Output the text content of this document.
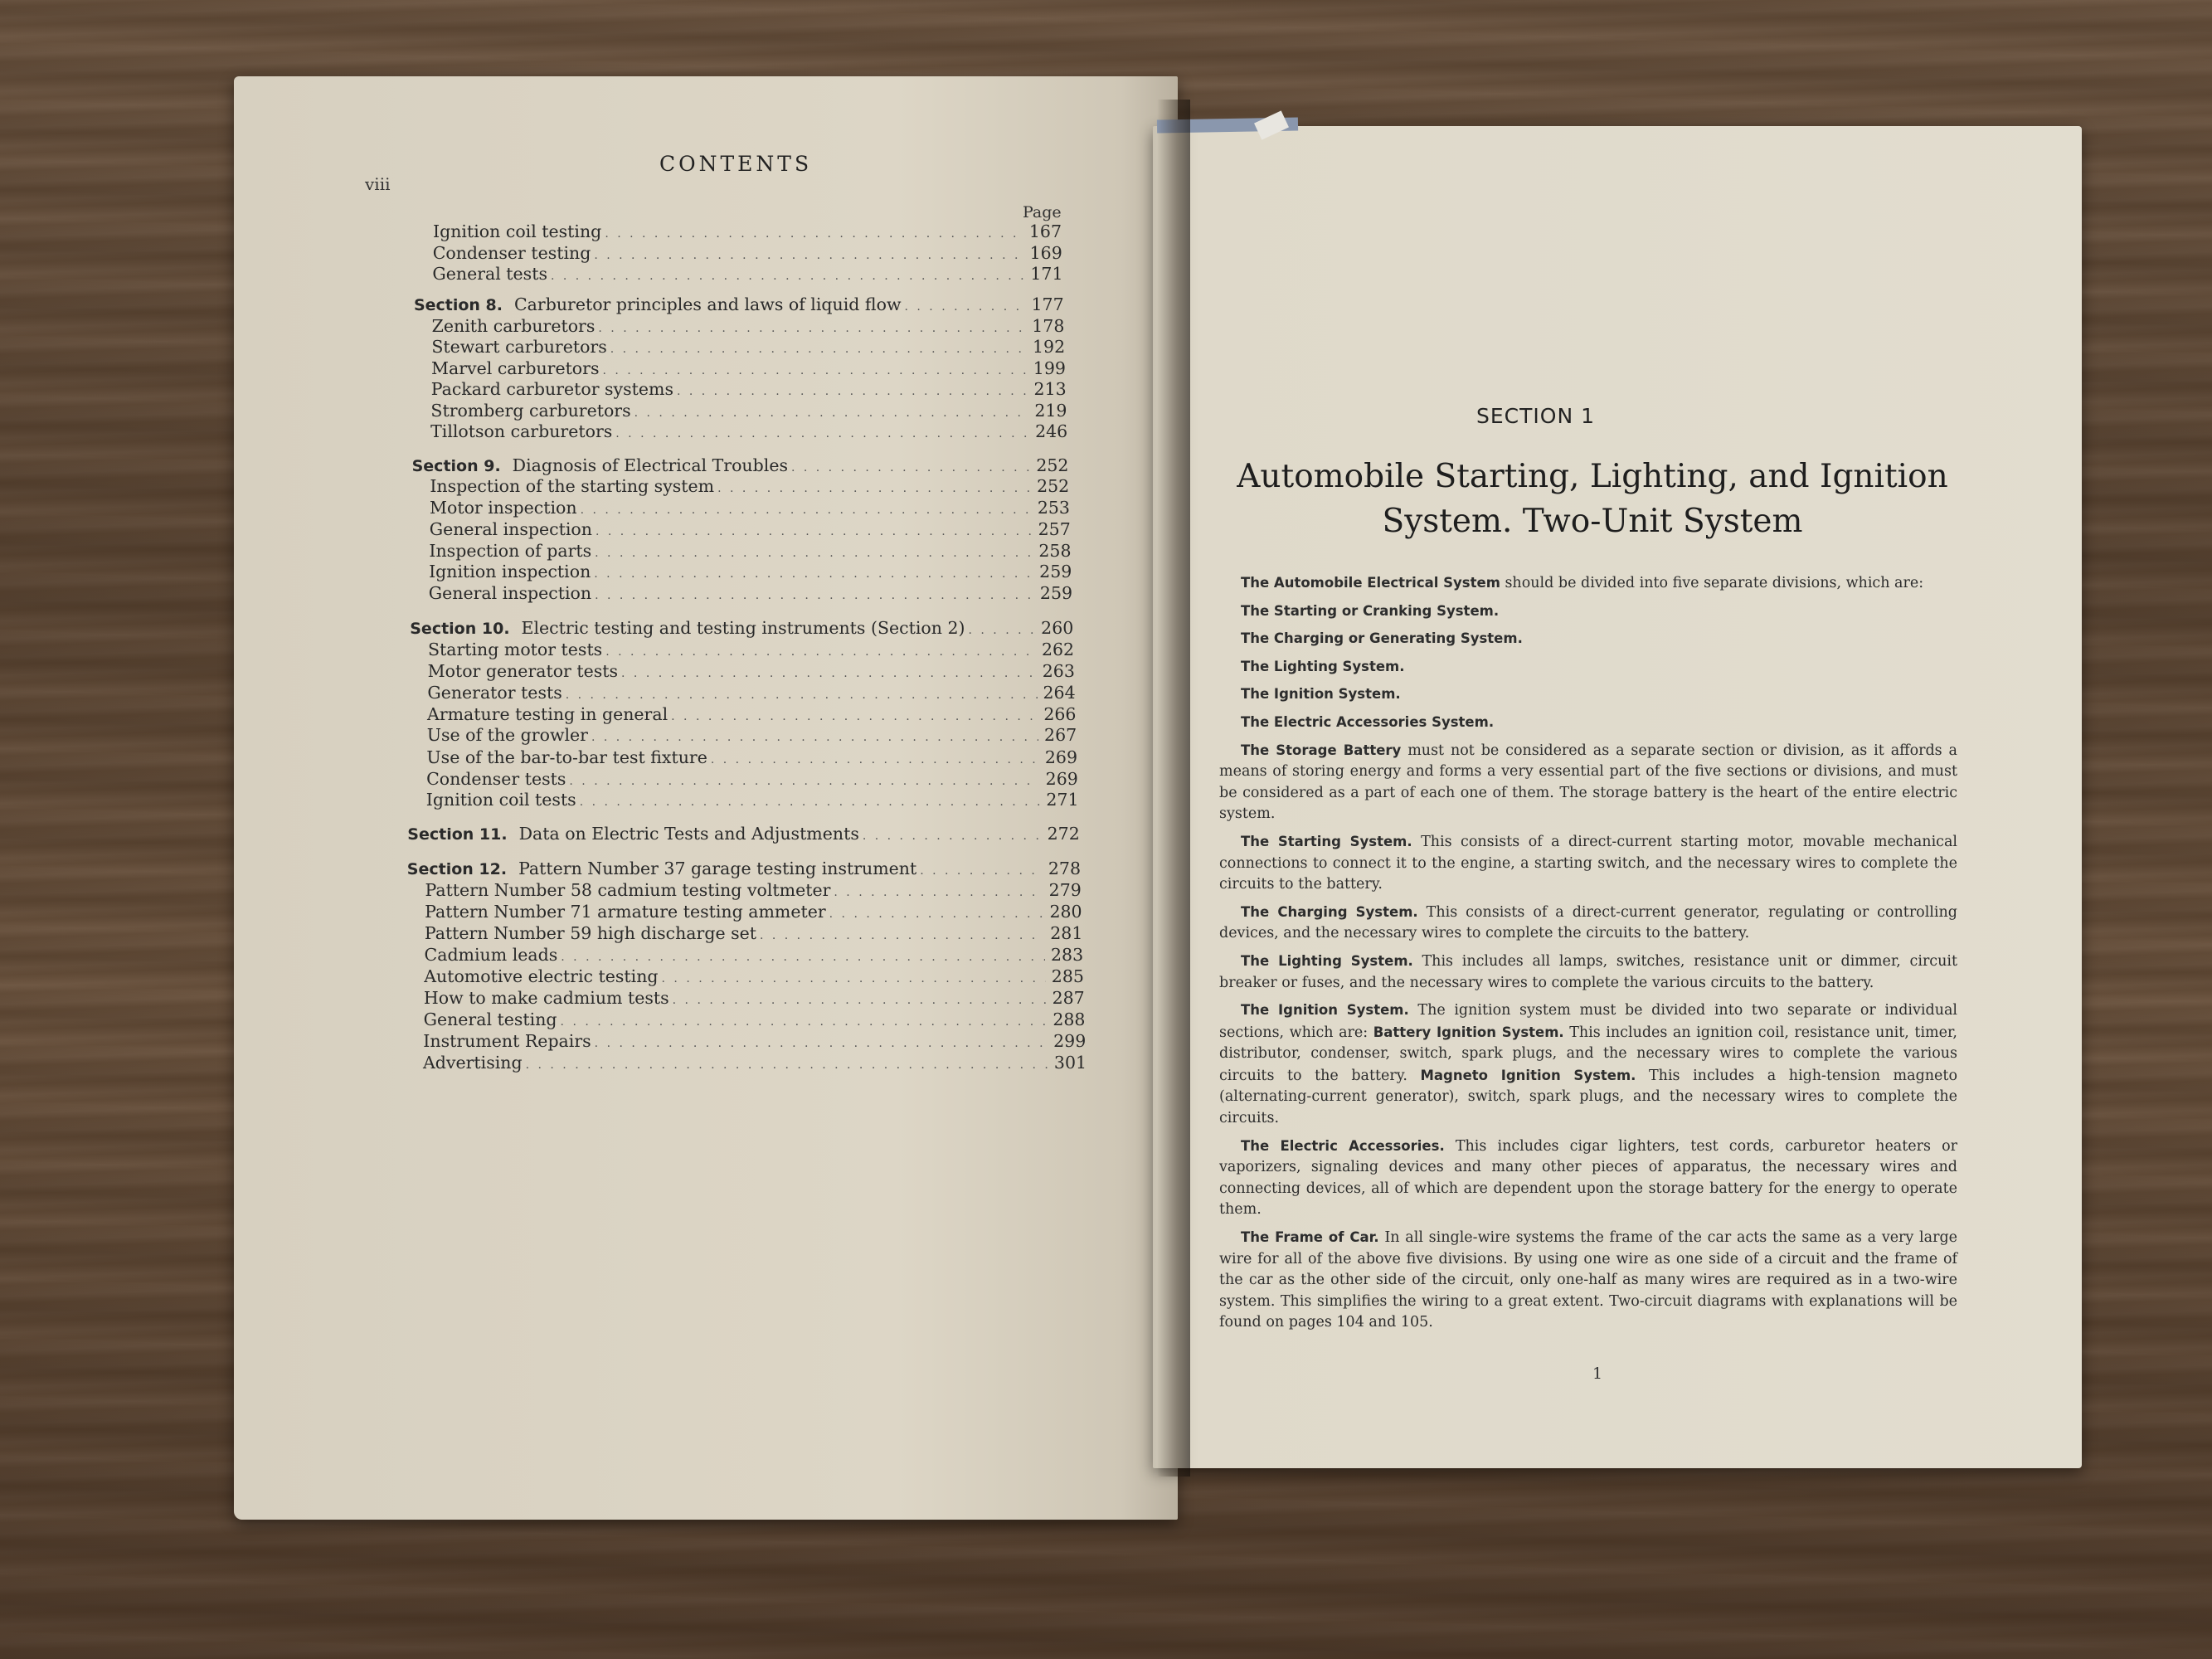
viii
CONTENTS
Page
Ignition coil testing . . .	167
Condenser testing . . .	169
General tests . . .	171
Section 8. Carburetor principles and laws of liquid flow . . .	177
Zenith carburetors . . .	178
Stewart carburetors . . .	192
Marvel carburetors . . .	199
Packard carburetor systems . . .	213
Stromberg carburetors . . .	219
Tillotson carburetors . . .	246
Section 9. Diagnosis of Electrical Troubles . . .	252
Inspection of the starting system . . .	252
Motor inspection . . .	253
General inspection . . .	257
Inspection of parts . . .	258
Ignition inspection . . .	259
General inspection . . .	259
Section 10. Electric testing and testing instruments (Section 2) . . .	260
Starting motor tests . . .	262
Motor generator tests . . .	263
Generator tests . . .	264
Armature testing in general . . .	266
Use of the growler . . .	267
Use of the bar-to-bar test fixture . . .	269
Condenser tests . . .	269
Ignition coil tests . . .	271
Section 11. Data on Electric Tests and Adjustments . . .	272
Section 12. Pattern Number 37 garage testing instrument . . .	278
Pattern Number 58 cadmium testing voltmeter . . .	279
Pattern Number 71 armature testing ammeter . . .	280
Pattern Number 59 high discharge set . . .	281
Cadmium leads . . .	283
Automotive electric testing . . .	285
How to make cadmium tests . . .	287
General testing . . .	288
Instrument Repairs . . .	299
Advertising . . .	301
SECTION 1
Automobile Starting, Lighting, and Ignition
System. Two-Unit System

The Automobile Electrical System should be divided into five separate divisions, which are:

The Starting or Cranking System.

The Charging or Generating System.

The Lighting System.

The Ignition System.

The Electric Accessories System.

The Storage Battery must not be considered as a separate section or division, as it affords a means of storing energy and forms a very essential part of the five sections or divisions, and must be considered as a part of each one of them. The storage battery is the heart of the entire electric system.

The Starting System. This consists of a direct-current starting motor, movable mechanical connections to connect it to the engine, a starting switch, and the necessary wires to complete the circuits to the battery.

The Charging System. This consists of a direct-current generator, regulating or controlling devices, and the necessary wires to complete the circuits to the battery.

The Lighting System. This includes all lamps, switches, resistance unit or dimmer, circuit breaker or fuses, and the necessary wires to complete the various circuits to the battery.

The Ignition System. The ignition system must be divided into two separate or individual sections, which are: Battery Ignition System. This includes an ignition coil, resistance unit, timer, distributor, condenser, switch, spark plugs, and the necessary wires to complete the various circuits to the battery. Magneto Ignition System. This includes a high-tension magneto (alternating-current generator), switch, spark plugs, and the necessary wires to complete the circuits.

The Electric Accessories. This includes cigar lighters, test cords, carburetor heaters or vaporizers, signaling devices and many other pieces of apparatus, the necessary wires and connecting devices, all of which are dependent upon the storage battery for the energy to operate them.

The Frame of Car. In all single-wire systems the frame of the car acts the same as a very large wire for all of the above five divisions. By using one wire as one side of a circuit and the frame of the car as the other side of the circuit, only one-half as many wires are required as in a two-wire system. This simplifies the wiring to a great extent. Two-circuit diagrams with explanations will be found on pages 104 and 105.

1
